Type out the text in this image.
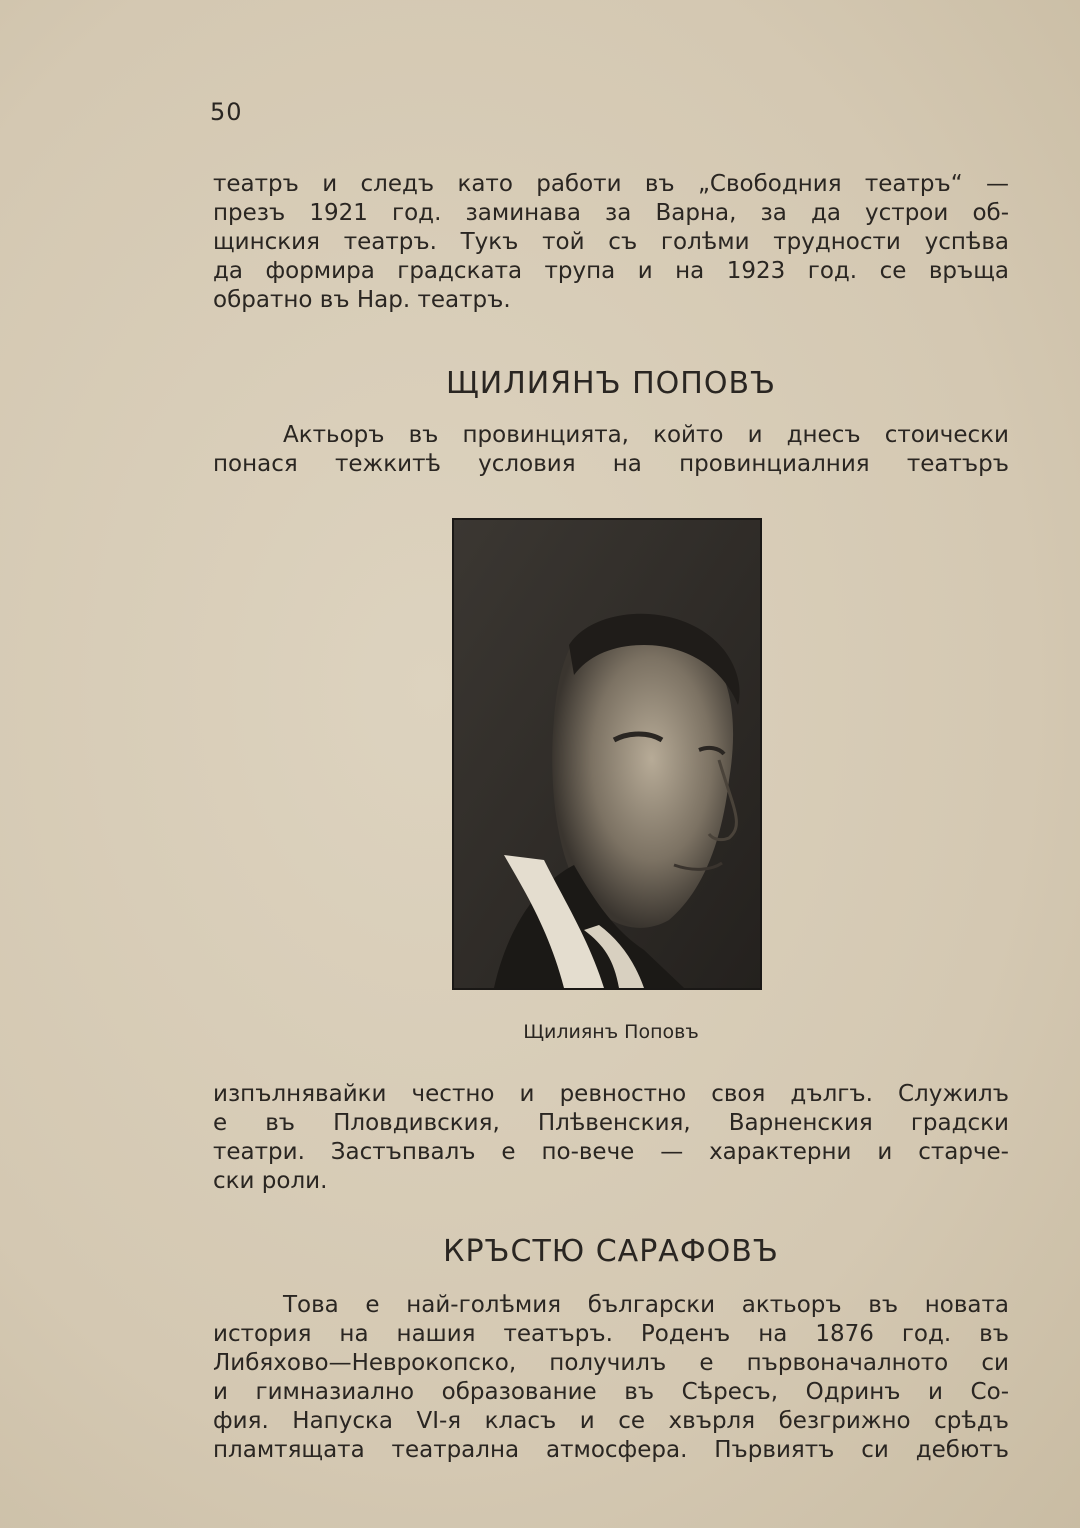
50
театръ и следъ като работи въ „Свободния театръ“ —
презъ 1921 год. заминава за Варна, за да устрои об-
щинския театръ. Тукъ той съ голѣми трудности успѣва
да формира градската трупа и на 1923 год. се връща
обратно въ Нар. театръ.
ЩИЛИЯНЪ ПОПОВЪ
Актьоръ въ провинцията, който и днесъ стоически
понася тежкитѣ условия на провинциалния театъръ
Щилиянъ Поповъ
изпълнявайки честно и ревностно своя дългъ. Служилъ
е въ Пловдивския, Плѣвенския, Варненския градски
театри. Застъпвалъ е по-вече — характерни и старче-
ски роли.
КРЪСТЮ САРАФОВЪ
Това е най-голѣмия български актьоръ въ новата
история на нашия театъръ. Роденъ на 1876 год. въ
Либяхово—Неврокопско, получилъ е първоначалното си
и гимназиално образование въ Сѣресъ, Одринъ и Со-
фия. Напуска VI-я класъ и се хвърля безгрижно срѣдъ
пламтящата театрална атмосфера. Първиятъ си дебютъ
